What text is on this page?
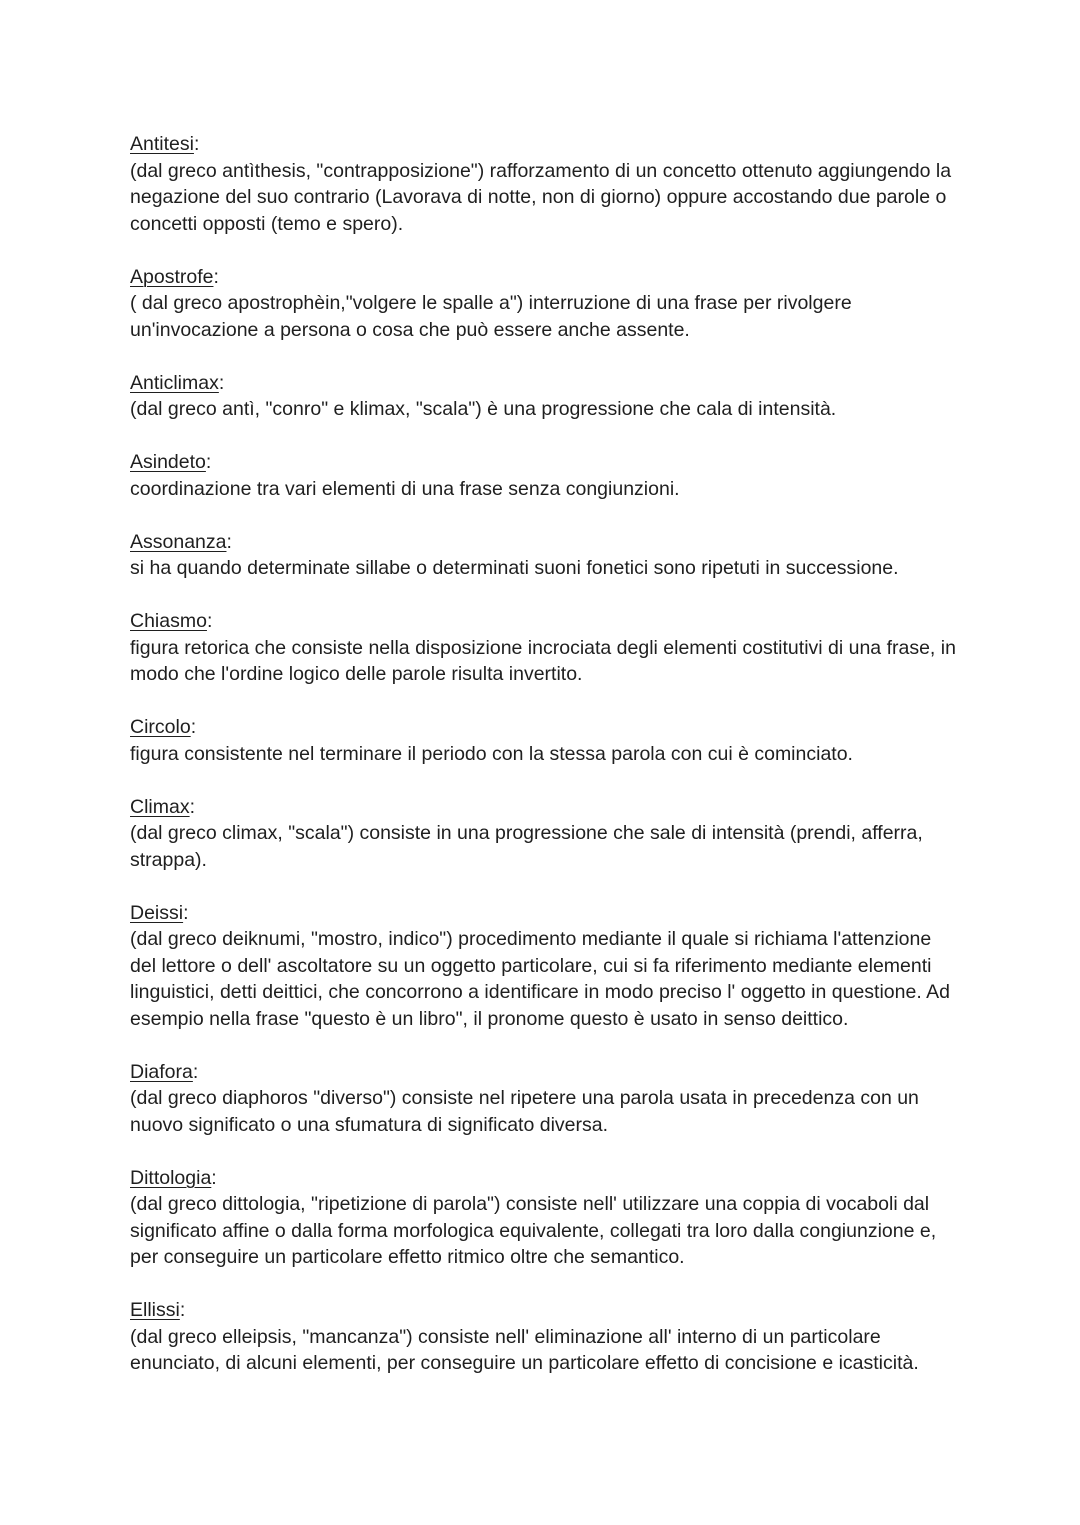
Antitesi:

(dal greco antìthesis, "contrapposizione") rafforzamento di un concetto ottenuto aggiungendo la negazione del suo contrario (Lavorava di notte, non di giorno) oppure accostando due parole o concetti opposti (temo e spero).

Apostrofe:

( dal greco apostrophèin,"volgere le spalle a") interruzione di una frase per rivolgere un'invocazione a persona o cosa che può essere anche assente.

Anticlimax:

(dal greco antì, "conro" e klimax, "scala") è una progressione che cala di intensità.

Asindeto:

coordinazione tra vari elementi di una frase senza congiunzioni.

Assonanza:

si ha quando determinate sillabe o determinati suoni fonetici sono ripetuti in successione.

Chiasmo:

figura retorica che consiste nella disposizione incrociata degli elementi costitutivi di una frase, in modo che l'ordine logico delle parole risulta invertito.

Circolo:

figura consistente nel terminare il periodo con la stessa parola con cui è cominciato.

Climax:

(dal greco climax, "scala") consiste in una progressione che sale di intensità (prendi, afferra, strappa).

Deissi:

(dal greco deiknumi, "mostro, indico") procedimento mediante il quale si richiama l'attenzione del lettore o dell' ascoltatore su un oggetto particolare, cui si fa riferimento mediante elementi linguistici, detti deittici, che concorrono a identificare in modo preciso l' oggetto in questione. Ad esempio nella frase "questo è un libro", il pronome questo è usato in senso deittico.

Diafora:

(dal greco diaphoros "diverso") consiste nel ripetere una parola usata in precedenza con un nuovo significato o una sfumatura di significato diversa.

Dittologia:

(dal greco dittologia, "ripetizione di parola") consiste nell' utilizzare una coppia di vocaboli dal significato affine o dalla forma morfologica equivalente, collegati tra loro dalla congiunzione e, per conseguire un particolare effetto ritmico oltre che semantico.

Ellissi:

(dal greco elleipsis, "mancanza") consiste nell' eliminazione all' interno di un particolare enunciato, di alcuni elementi, per conseguire un particolare effetto di concisione e icasticità.
